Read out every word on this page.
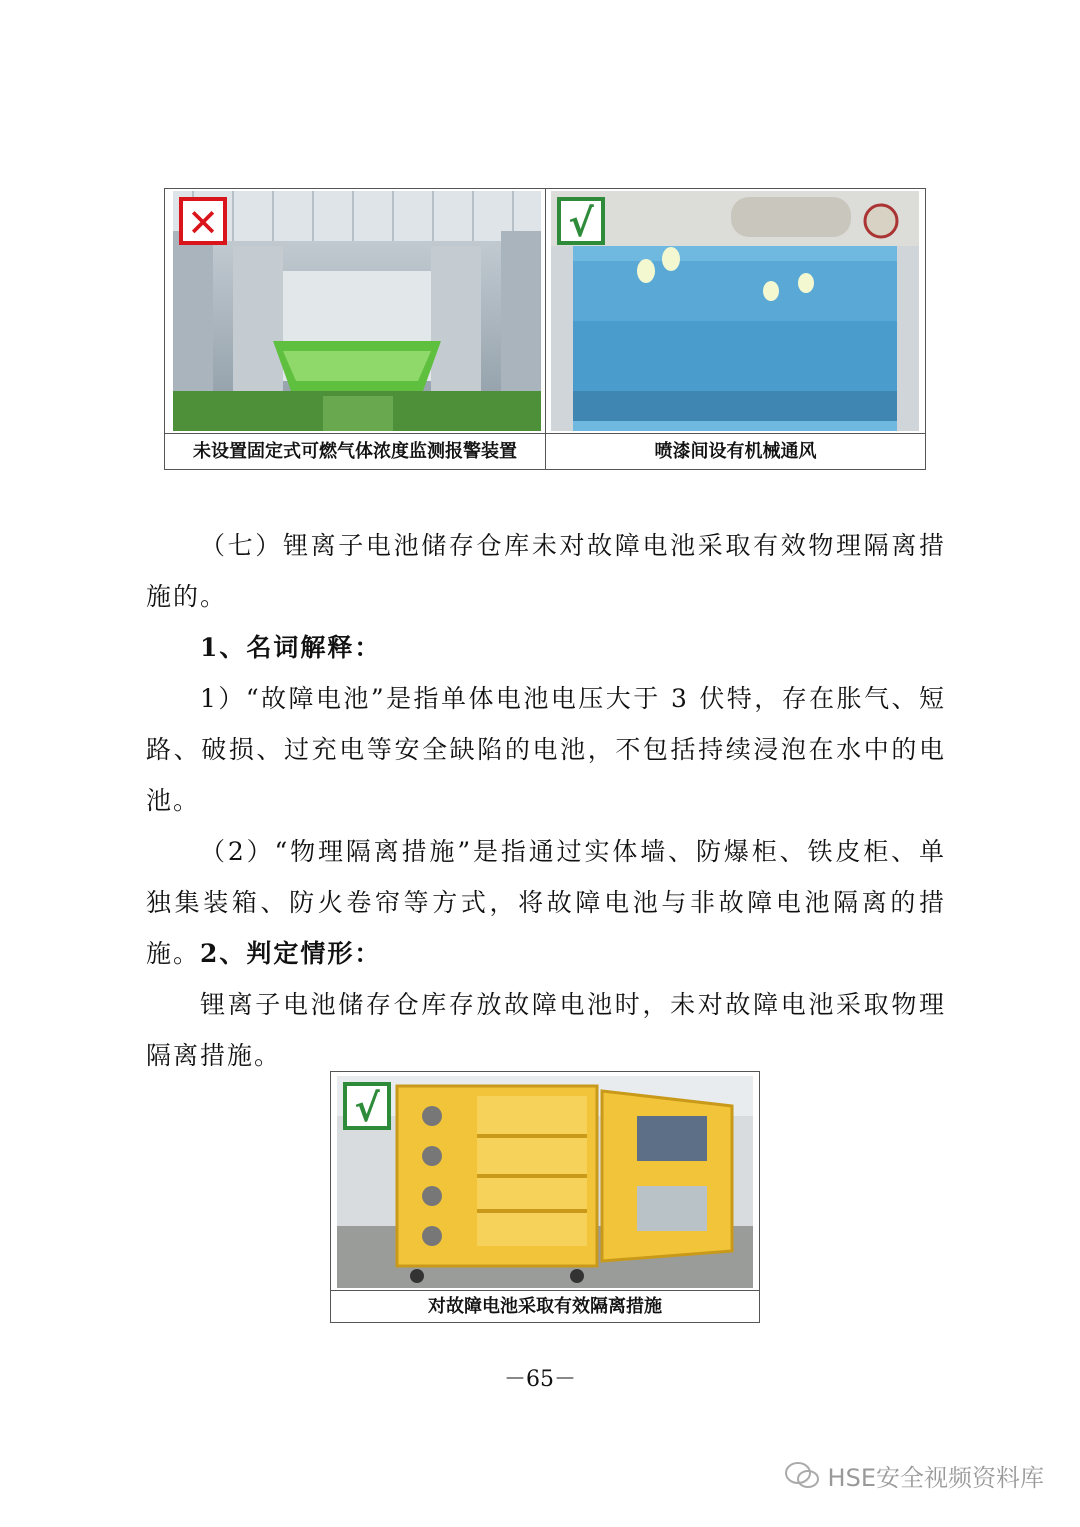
✕	√
未设置固定式可燃气体浓度监测报警装置	喷漆间设有机械通风
（七）锂离子电池储存仓库未对故障电池采取有效物理隔离措施的。
1、名词解释：
1）“故障电池”是指单体电池电压大于 3 伏特，存在胀气、短路、破损、过充电等安全缺陷的电池，不包括持续浸泡在水中的电池。
（2）“物理隔离措施”是指通过实体墙、防爆柜、铁皮柜、单独集装箱、防火卷帘等方式，将故障电池与非故障电池隔离的措施。 2、判定情形：
锂离子电池储存仓库存放故障电池时，未对故障电池采取物理隔离措施。
√
对故障电池采取有效隔离措施
－65－
HSE安全视频资料库
